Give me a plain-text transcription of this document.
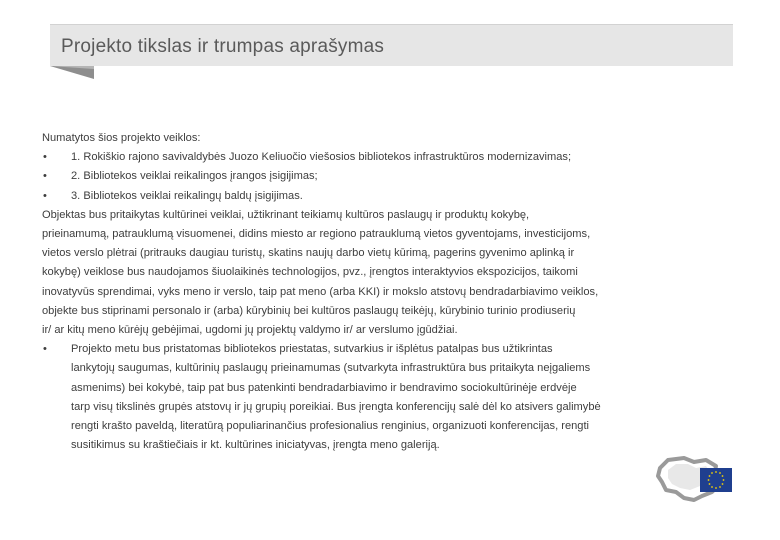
Projekto tikslas ir trumpas aprašymas
Numatytos šios projekto veiklos:
• 1. Rokiškio rajono savivaldybės Juozo Keliuočio viešosios bibliotekos infrastruktūros modernizavimas;
• 2. Bibliotekos veiklai reikalingos įrangos įsigijimas;
• 3. Bibliotekos veiklai reikalingų baldų įsigijimas.
Objektas bus pritaikytas kultūrinei veiklai, užtikrinant teikiamų kultūros paslaugų ir produktų kokybę,
prieinamumą, patrauklumą visuomenei, didins miesto ar regiono patrauklumą vietos gyventojams, investicijoms,
vietos verslo plėtrai (pritrauks daugiau turistų, skatins naujų darbo vietų kūrimą, pagerins gyvenimo aplinką ir
kokybę) veiklose bus naudojamos šiuolaikinės technologijos, pvz., įrengtos interaktyvios ekspozicijos, taikomi
inovatyvūs sprendimai, vyks meno ir verslo, taip pat meno (arba KKI) ir mokslo atstovų bendradarbiavimo veiklos,
objekte bus stiprinami personalo ir (arba) kūrybinių bei kultūros paslaugų teikėjų, kūrybinio turinio prodiuserių
ir/ ar kitų meno kūrėjų gebėjimai, ugdomi jų projektų valdymo ir/ ar verslumo įgūdžiai.
• Projekto metu bus pristatomas bibliotekos priestatas, sutvarkius ir išplėtus patalpas bus užtikrintas
lankytojų saugumas, kultūrinių paslaugų prieinamumas (sutvarkyta infrastruktūra bus pritaikyta neįgaliems
asmenims) bei kokybė, taip pat bus patenkinti bendradarbiavimo ir bendravimo sociokultūrinėje erdvėje
tarp visų tikslinės grupės atstovų ir jų grupių poreikiai. Bus įrengta konferencijų salė dėl ko atsivers galimybė
rengti krašto paveldą, literatūrą populiarinančius profesionalius renginius, organizuoti konferencijas, rengti
susitikimus su kraštiečiais ir kt. kultūrines iniciatyvas, įrengta meno galeriją.
